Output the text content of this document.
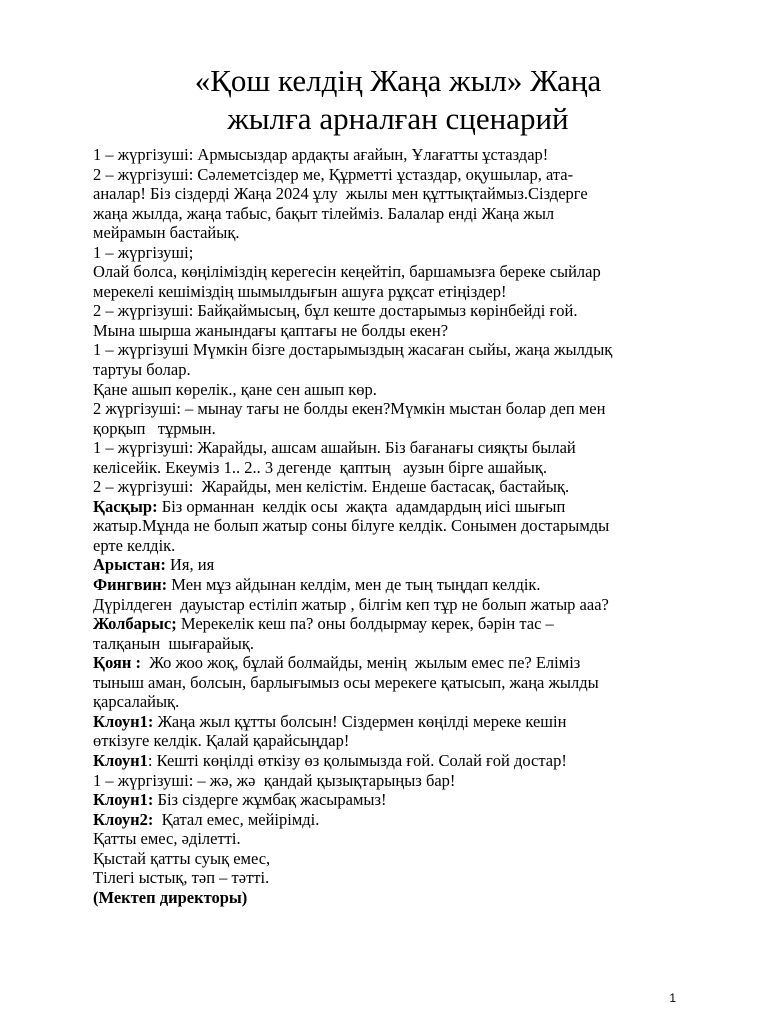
«Қош келдің Жаңа жыл» Жаңа
жылға арналған сценарий
1 – жүргізуші: Армысыздар ардақты ағайын, Ұлағатты ұстаздар!
2 – жүргізуші: Сәлеметсіздер ме, Құрметті ұстаздар, оқушылар, ата-
аналар! Біз сіздерді Жаңа 2024 ұлу  жылы мен құттықтаймыз.Сіздерге
жаңа жылда, жаңа табыс, бақыт тілейміз. Балалар енді Жаңа жыл
мейрамын бастайық.
1 – жүргізуші;
Олай болса, көңіліміздің керегесін кеңейтіп, баршамызға береке сыйлар
мерекелі кешіміздің шымылдығын ашуға рұқсат етіңіздер!
2 – жүргізуші: Байқаймысың, бұл кеште достарымыз көрінбейді ғой.
Мына шырша жанындағы қаптағы не болды екен?
1 – жүргізуші Мүмкін бізге достарымыздың жасаған сыйы, жаңа жылдық
тартуы болар.
Қане ашып көрелік., қане сен ашып көр.
2 жүргізуші: – мынау тағы не болды екен?Мүмкін мыстан болар деп мен
қорқып   тұрмын.
1 – жүргізуші: Жарайды, ашсам ашайын. Біз бағанағы сияқты былай
келісейік. Екеуміз 1.. 2.. 3 дегенде  қаптың   аузын бірге ашайық.
2 – жүргізуші:  Жарайды, мен келістім. Ендеше бастасақ, бастайық.
Қасқыр: Біз орманнан  келдік осы  жақта  адамдардың иісі шығып
жатыр.Мұнда не болып жатыр соны білуге келдік. Сонымен достарымды
ерте келдік.
Арыстан: Ия, ия
Фингвин: Мен мұз айдынан келдім, мен де тың тыңдап келдік.
Дүрілдеген  дауыстар естіліп жатыр , білгім кеп тұр не болып жатыр ааа?
Жолбарыс; Мерекелік кеш па? оны болдырмау керек, бәрін тас –
талқанын  шығарайық.
Қоян :  Жо жоо жоқ, бұлай болмайды, менің  жылым емес пе? Еліміз
тыныш аман, болсын, барлығымыз осы мерекеге қатысып, жаңа жылды
қарсалайық.
Клоун1: Жаңа жыл құтты болсын! Сіздермен көңілді мереке кешін
өткізуге келдік. Қалай қарайсыңдар!
Клоун1: Кешті көңілді өткізу өз қолымызда ғой. Солай ғой достар!
1 – жүргізуші: – жә, жә  қандай қызықтарыңыз бар!
Клоун1: Біз сіздерге жұмбақ жасырамыз!
Клоун2:  Қатал емес, мейірімді.
Қатты емес, әділетті.
Қыстай қатты суық емес,
Тілегі ыстық, тәп – тәтті.
(Мектеп директоры)
1
